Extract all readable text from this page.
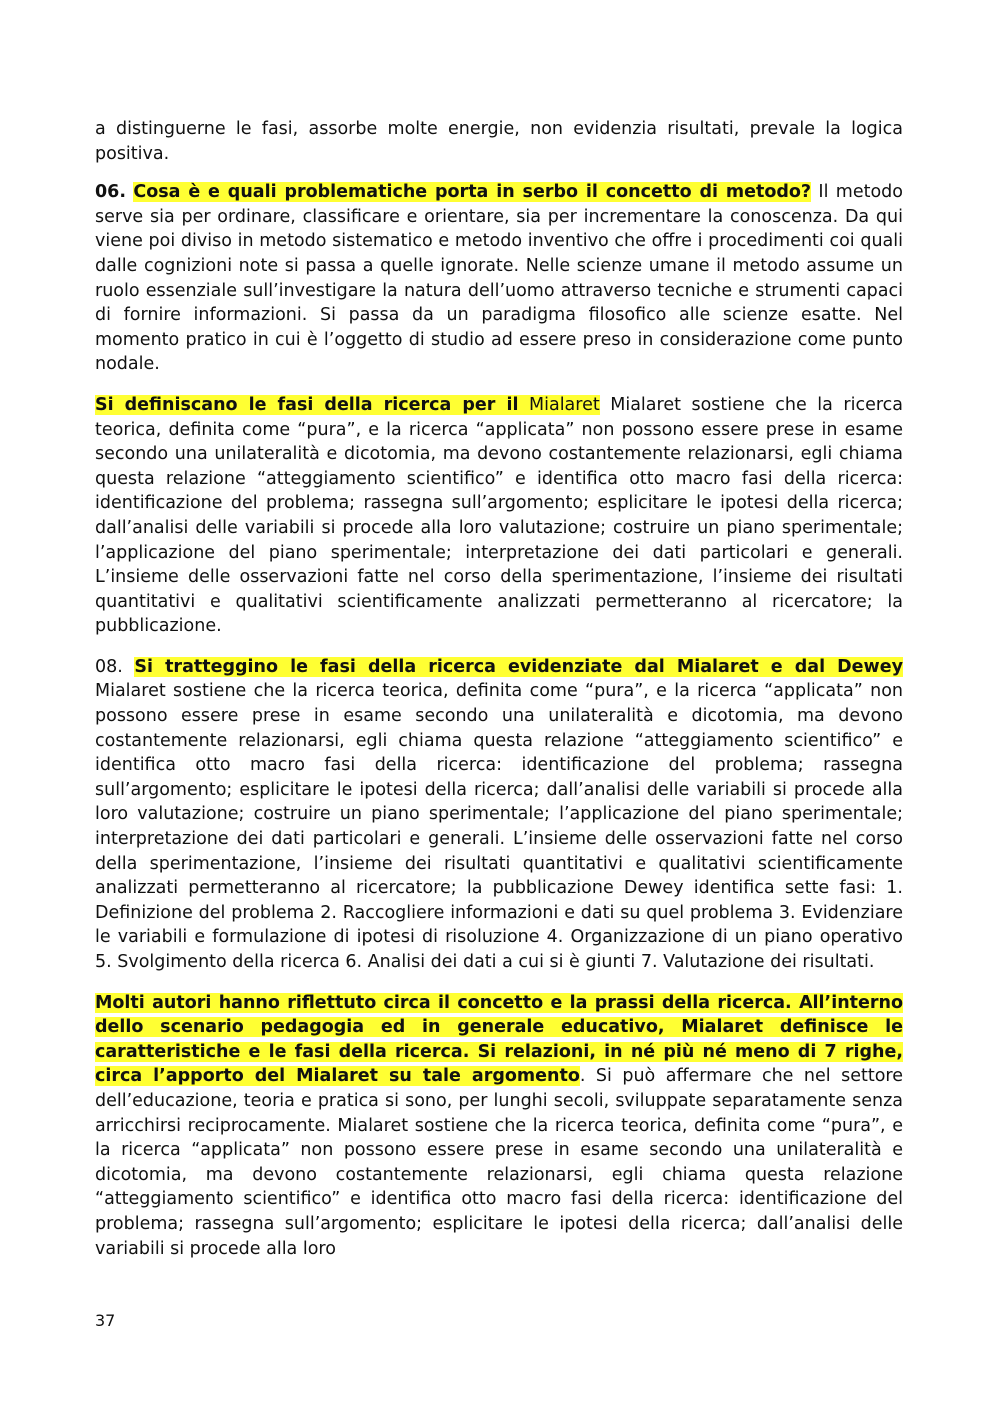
a distinguerne le fasi, assorbe molte energie, non evidenzia risultati, prevale la logica positiva.

06. Cosa è e quali problematiche porta in serbo il concetto di metodo? Il metodo serve sia per ordinare, classificare e orientare, sia per incrementare la conoscenza. Da qui viene poi diviso in metodo sistematico e metodo inventivo che offre i procedimenti coi quali dalle cognizioni note si passa a quelle ignorate. Nelle scienze umane il metodo assume un ruolo essenziale sull’investigare la natura dell’uomo attraverso tecniche e strumenti capaci di fornire informazioni. Si passa da un paradigma filosofico alle scienze esatte. Nel momento pratico in cui è l’oggetto di studio ad essere preso in considerazione come punto nodale.

Si definiscano le fasi della ricerca per il Mialaret Mialaret sostiene che la ricerca teorica, definita come “pura”, e la ricerca “applicata” non possono essere prese in esame secondo una unilateralità e dicotomia, ma devono costantemente relazionarsi, egli chiama questa relazione “atteggiamento scientifico” e identifica otto macro fasi della ricerca: identificazione del problema; rassegna sull’argomento; esplicitare le ipotesi della ricerca; dall’analisi delle variabili si procede alla loro valutazione; costruire un piano sperimentale; l’applicazione del piano sperimentale; interpretazione dei dati particolari e generali. L’insieme delle osservazioni fatte nel corso della sperimentazione, l’insieme dei risultati quantitativi e qualitativi scientificamente analizzati permetteranno al ricercatore; la pubblicazione.

08. Si tratteggino le fasi della ricerca evidenziate dal Mialaret e dal Dewey Mialaret sostiene che la ricerca teorica, definita come “pura”, e la ricerca “applicata” non possono essere prese in esame secondo una unilateralità e dicotomia, ma devono costantemente relazionarsi, egli chiama questa relazione “atteggiamento scientifico” e identifica otto macro fasi della ricerca: identificazione del problema; rassegna sull’argomento; esplicitare le ipotesi della ricerca; dall’analisi delle variabili si procede alla loro valutazione; costruire un piano sperimentale; l’applicazione del piano sperimentale; interpretazione dei dati particolari e generali. L’insieme delle osservazioni fatte nel corso della sperimentazione, l’insieme dei risultati quantitativi e qualitativi scientificamente analizzati permetteranno al ricercatore; la pubblicazione Dewey identifica sette fasi: 1. Definizione del problema 2. Raccogliere informazioni e dati su quel problema 3. Evidenziare le variabili e formulazione di ipotesi di risoluzione 4. Organizzazione di un piano operativo 5. Svolgimento della ricerca 6. Analisi dei dati a cui si è giunti 7. Valutazione dei risultati.

Molti autori hanno riflettuto circa il concetto e la prassi della ricerca. All’interno dello scenario pedagogia ed in generale educativo, Mialaret definisce le caratteristiche e le fasi della ricerca. Si relazioni, in né più né meno di 7 righe, circa l’apporto del Mialaret su tale argomento. Si può affermare che nel settore dell’educazione, teoria e pratica si sono, per lunghi secoli, sviluppate separatamente senza arricchirsi reciprocamente. Mialaret sostiene che la ricerca teorica, definita come “pura”, e la ricerca “applicata” non possono essere prese in esame secondo una unilateralità e dicotomia, ma devono costantemente relazionarsi, egli chiama questa relazione “atteggiamento scientifico” e identifica otto macro fasi della ricerca: identificazione del problema; rassegna sull’argomento; esplicitare le ipotesi della ricerca; dall’analisi delle variabili si procede alla loro

37
